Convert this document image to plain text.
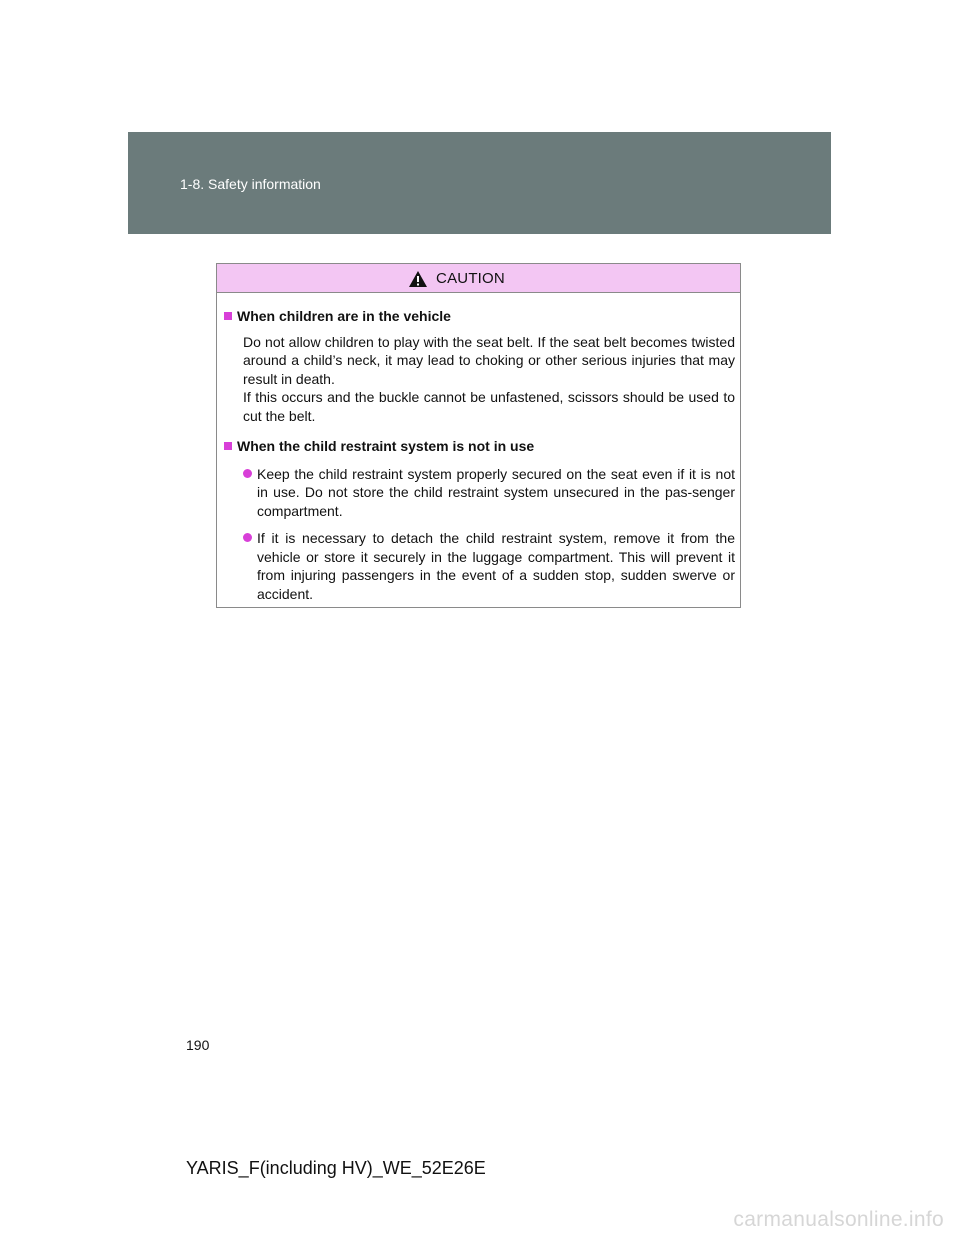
1-8. Safety information
CAUTION
When children are in the vehicle

Do not allow children to play with the seat belt. If the seat belt becomes twisted around a child’s neck, it may lead to choking or other serious injuries that may result in death.

If this occurs and the buckle cannot be unfastened, scissors should be used to cut the belt.

When the child restraint system is not in use
Keep the child restraint system properly secured on the seat even if it is not in use. Do not store the child restraint system unsecured in the pas-senger compartment.
If it is necessary to detach the child restraint system, remove it from the vehicle or store it securely in the luggage compartment. This will prevent it from injuring passengers in the event of a sudden stop, sudden swerve or accident.
190
YARIS_F(including HV)_WE_52E26E
carmanualsonline.info
